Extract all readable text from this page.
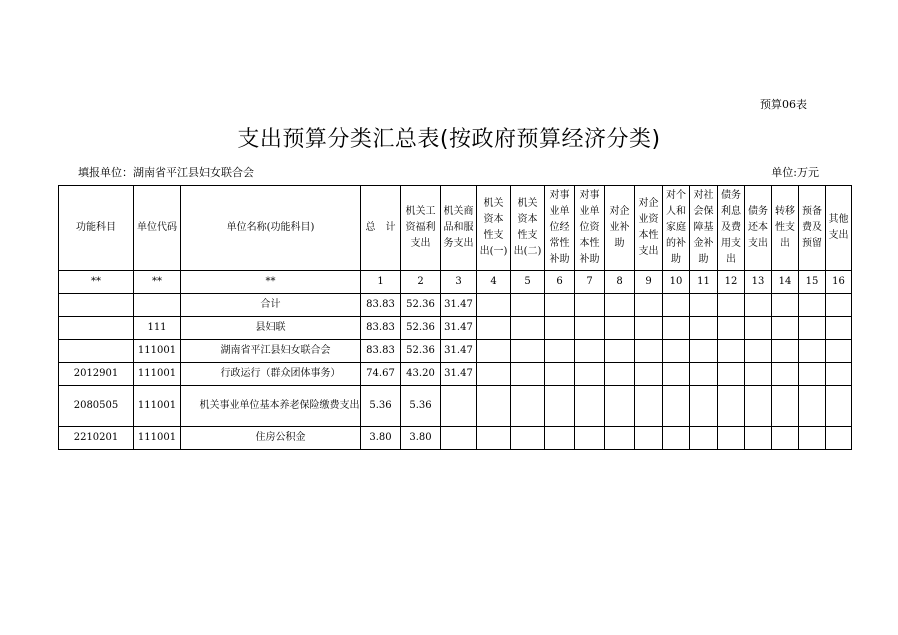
预算06表
支出预算分类汇总表(按政府预算经济分类)
填报单位：湖南省平江县妇女联合会	单位:万元
功能科目	单位代码	单位名称(功能科目)	总　计	机关工资福利支出	机关商品和服务支出	机关资本性支出(一)	机关资本性支出(二)	对事业单位经常性补助	对事业单位资本性补助	对企业补助	对企业资本性支出	对个人和家庭的补助	对社会保障基金补助	债务利息及费用支出	债务还本支出	转移性支出	预备费及预留	其他支出
**	**	**	1	2	3	4	5	6	7	8	9	10	11	12	13	14	15	16
		合计	83.83	52.36	31.47													
	111	县妇联	83.83	52.36	31.47													
	111001	湖南省平江县妇女联合会	83.83	52.36	31.47													
2012901	111001	行政运行（群众团体事务）	74.67	43.20	31.47													
2080505	111001	机关事业单位基本养老保险缴费支出	5.36	5.36														
2210201	111001	住房公积金	3.80	3.80														
